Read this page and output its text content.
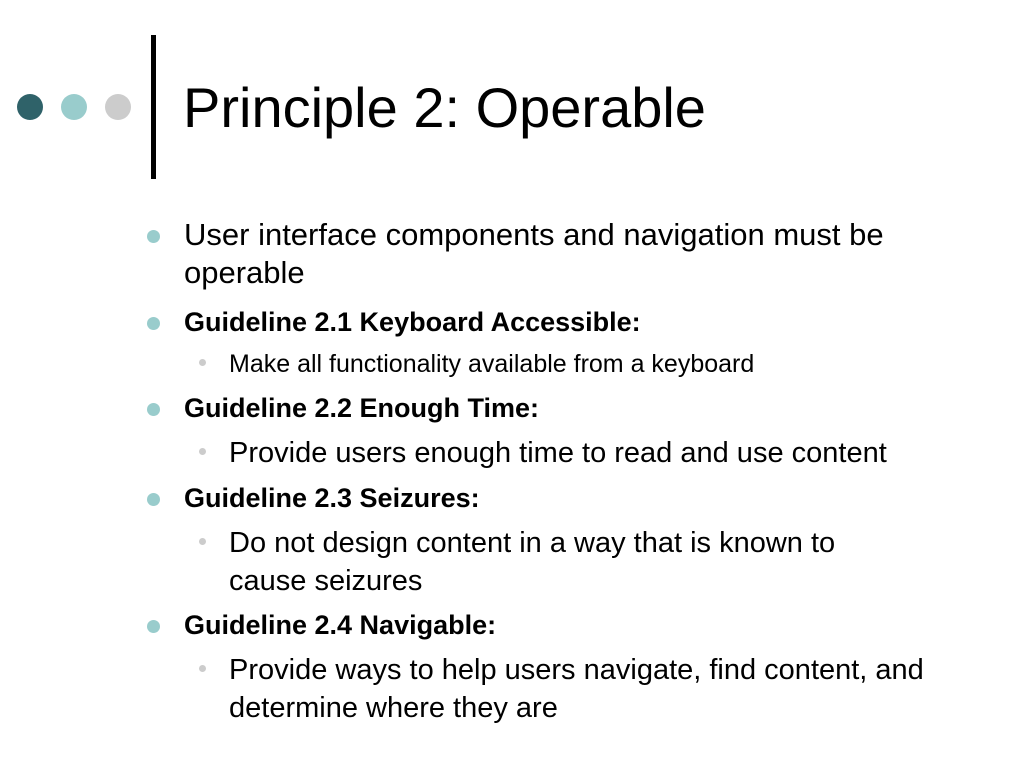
Principle 2: Operable
User interface components and navigation must be operable
Guideline 2.1 Keyboard Accessible:
Make all functionality available from a keyboard
Guideline 2.2 Enough Time:
Provide users enough time to read and use content
Guideline 2.3 Seizures:
Do not design content in a way that is known to cause seizures
Guideline 2.4 Navigable:
Provide ways to help users navigate, find content, and determine where they are
